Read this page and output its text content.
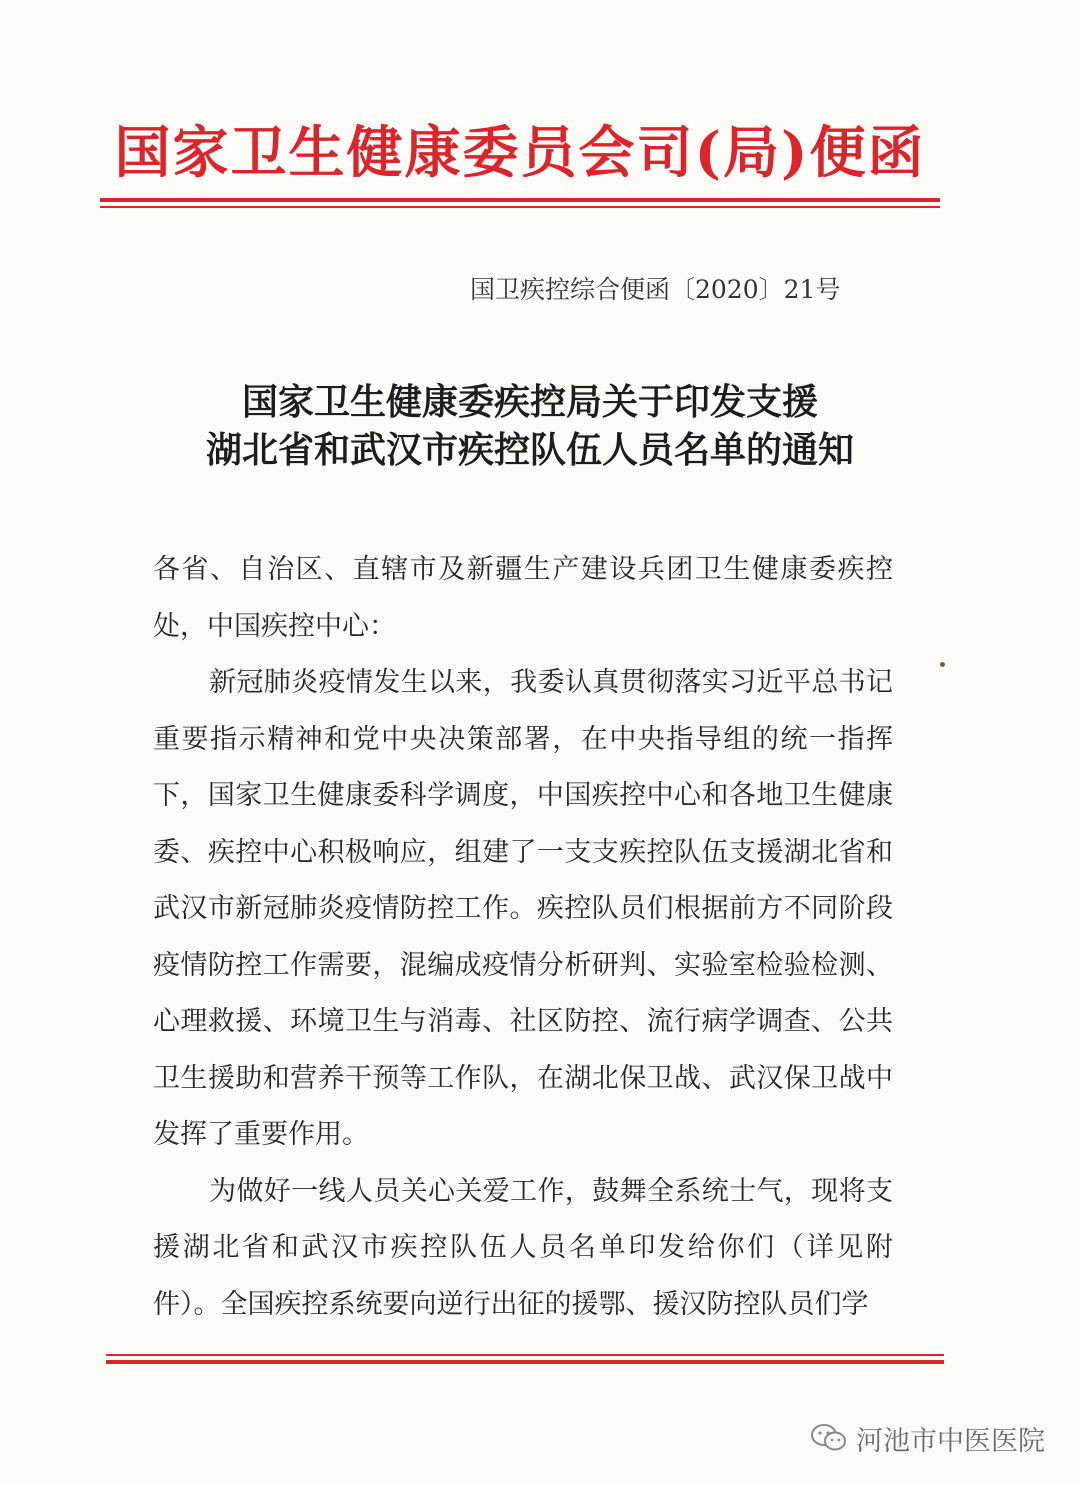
国家卫生健康委员会司(局)便函
国卫疾控综合便函〔2020〕21号
国家卫生健康委疾控局关于印发支援
湖北省和武汉市疾控队伍人员名单的通知

各省、自治区、直辖市及新疆生产建设兵团卫生健康委疾控处，中国疾控中心：

新冠肺炎疫情发生以来，我委认真贯彻落实习近平总书记重要指示精神和党中央决策部署，在中央指导组的统一指挥下，国家卫生健康委科学调度，中国疾控中心和各地卫生健康委、疾控中心积极响应，组建了一支支疾控队伍支援湖北省和武汉市新冠肺炎疫情防控工作。疾控队员们根据前方不同阶段疫情防控工作需要，混编成疫情分析研判、实验室检验检测、心理救援、环境卫生与消毒、社区防控、流行病学调查、公共卫生援助和营养干预等工作队，在湖北保卫战、武汉保卫战中发挥了重要作用。

为做好一线人员关心关爱工作，鼓舞全系统士气，现将支援湖北省和武汉市疾控队伍人员名单印发给你们（详见附件）。全国疾控系统要向逆行出征的援鄂、援汉防控队员们学

河池市中医医院
